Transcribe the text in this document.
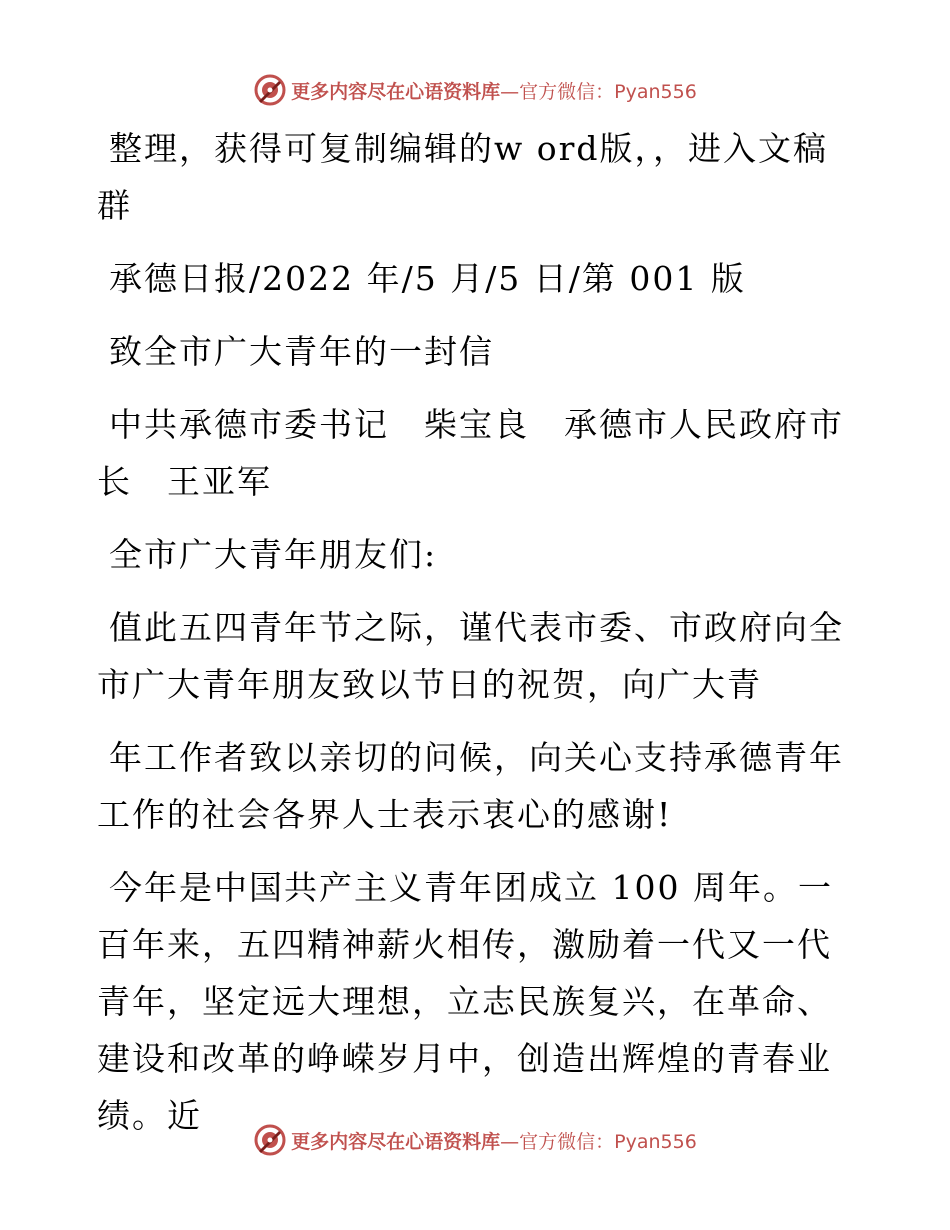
更多内容尽在心语资料库—官方微信：Pyan556

整理，获得可复制编辑的w ord版，，进入文稿群

承德日报/2022 年/5 月/5 日/第 001 版

致全市广大青年的一封信

中共承德市委书记　柴宝良　承德市人民政府市长　王亚军

全市广大青年朋友们:

值此五四青年节之际，谨代表市委、市政府向全市广大青年朋友致以节日的祝贺，向广大青

年工作者致以亲切的问候，向关心支持承德青年工作的社会各界人士表示衷心的感谢!

今年是中国共产主义青年团成立 100 周年。一百年来，五四精神薪火相传，激励着一代又一代青年，坚定远大理想，立志民族复兴，在革命、建设和改革的峥嵘岁月中，创造出辉煌的青春业绩。近

更多内容尽在心语资料库—官方微信：Pyan556
